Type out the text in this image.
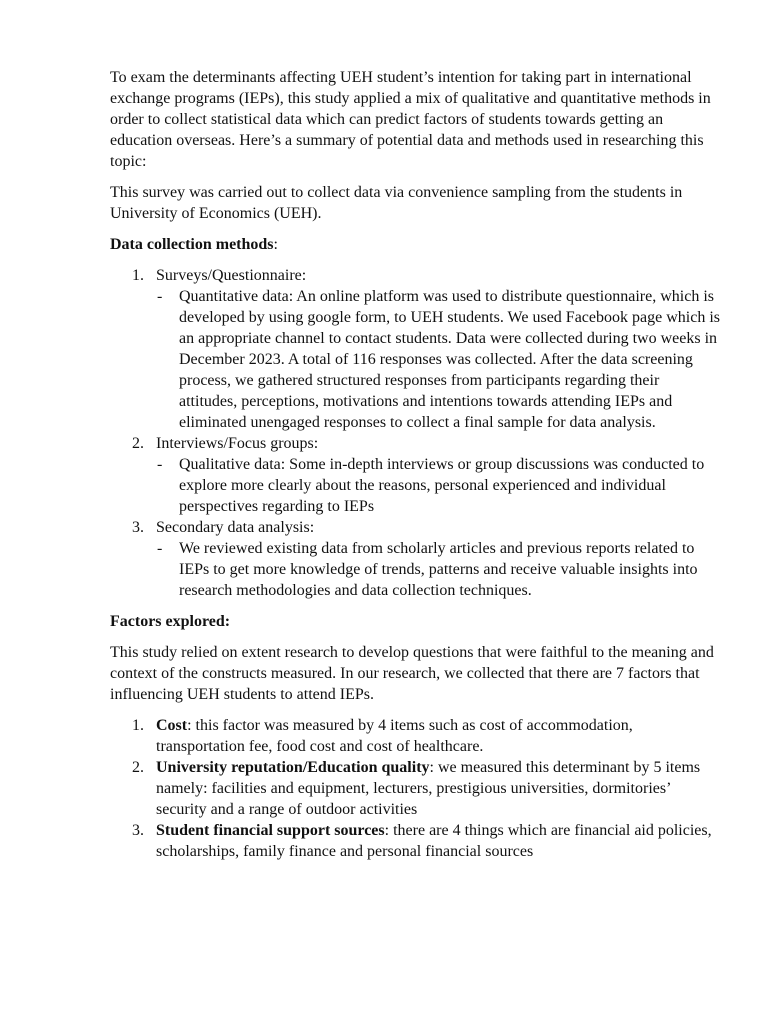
To exam the determinants affecting UEH student’s intention for taking part in international exchange programs (IEPs), this study applied a mix of qualitative and quantitative methods in order to collect statistical data which can predict factors of students towards getting an education overseas. Here’s a summary of potential data and methods used in researching this topic:

This survey was carried out to collect data via convenience sampling from the students in University of Economics (UEH).

Data collection methods:

1. Surveys/Questionnaire:
- Quantitative data: An online platform was used to distribute questionnaire, which is developed by using google form, to UEH students. We used Facebook page which is an appropriate channel to contact students. Data were collected during two weeks in December 2023. A total of 116 responses was collected. After the data screening process, we gathered structured responses from participants regarding their attitudes, perceptions, motivations and intentions towards attending IEPs and eliminated unengaged responses to collect a final sample for data analysis.
2. Interviews/Focus groups:
- Qualitative data: Some in-depth interviews or group discussions was conducted to explore more clearly about the reasons, personal experienced and individual perspectives regarding to IEPs
3. Secondary data analysis:
- We reviewed existing data from scholarly articles and previous reports related to IEPs to get more knowledge of trends, patterns and receive valuable insights into research methodologies and data collection techniques.

Factors explored:

This study relied on extent research to develop questions that were faithful to the meaning and context of the constructs measured. In our research, we collected that there are 7 factors that influencing UEH students to attend IEPs.

1. Cost: this factor was measured by 4 items such as cost of accommodation, transportation fee, food cost and cost of healthcare.
2. University reputation/Education quality: we measured this determinant by 5 items namely: facilities and equipment, lecturers, prestigious universities, dormitories’ security and a range of outdoor activities
3. Student financial support sources: there are 4 things which are financial aid policies, scholarships, family finance and personal financial sources
